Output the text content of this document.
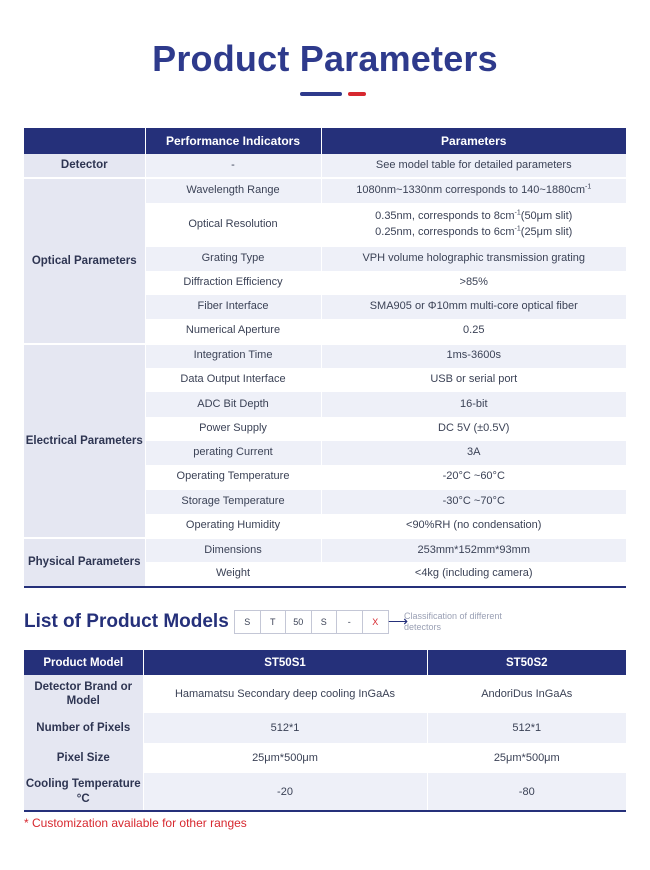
Product Parameters
	Performance Indicators	Parameters
Detector	-	See model table for detailed parameters
Optical Parameters	Wavelength Range	1080nm~1330nm corresponds to $140\sim 1880cm^{-1}$
	Optical Resolution	0.35nm, corresponds to $8cm^{-1}(50\mu m$ slit)
0.25nm, corresponds to $6cm^{-1}(25\mu m$ slit)

	Grating Type	VPH volume holographic transmission grating
	Diffraction Efficiency	>85%
	Fiber Interface	SMA905 or Φ10mm multi-core optical fiber
	Numerical Aperture	0.25
Electrical Parameters	Integration Time	1ms-3600s
	Data Output Interface	USB or serial port
	ADC Bit Depth	16-bit
	Power Supply	DC 5V (±0.5V)
	perating Current	3A
	Operating Temperature	-20°C ~60°C
	Storage Temperature	-30°C ~70°C
	Operating Humidity	<90%RH (no condensation)
Physical Parameters	Dimensions	253mm*152mm*93mm
	Weight	<4kg (including camera)
List of Product Models	S	T	50	S	-	X ⟶
Classification of different detectors
Product Model	ST50S1	ST50S2
Detector Brand or Model	Hamamatsu Secondary deep cooling InGaAs	AndoriDus InGaAs
Number of Pixels	512*1	512*1
Pixel Size	25μm*500μm	25μm*500μm
Cooling Temperature °C	-20	-80
* Customization available for other ranges
